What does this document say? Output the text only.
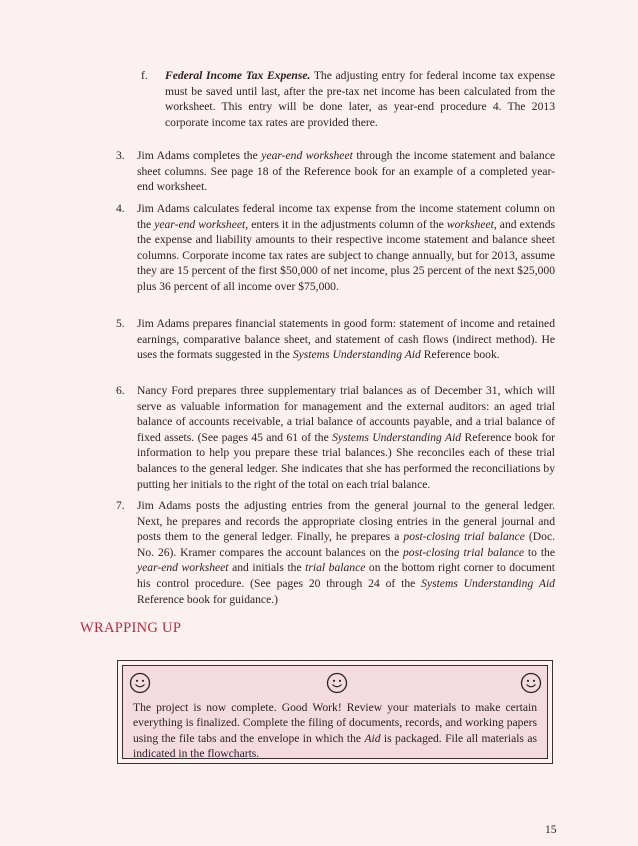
f. Federal Income Tax Expense. The adjusting entry for federal income tax expense must be saved until last, after the pre-tax net income has been calculated from the worksheet. This entry will be done later, as year-end procedure 4. The 2013 corporate income tax rates are provided there.
3. Jim Adams completes the year-end worksheet through the income statement and balance sheet columns. See page 18 of the Reference book for an example of a completed year-end worksheet.
4. Jim Adams calculates federal income tax expense from the income statement column on the year-end worksheet, enters it in the adjustments column of the worksheet, and extends the expense and liability amounts to their respective income statement and balance sheet columns. Corporate income tax rates are subject to change annually, but for 2013, assume they are 15 percent of the first $50,000 of net income, plus 25 percent of the next $25,000 plus 36 percent of all income over $75,000.
5. Jim Adams prepares financial statements in good form: statement of income and retained earnings, comparative balance sheet, and statement of cash flows (indirect method). He uses the formats suggested in the Systems Understanding Aid Reference book.
6. Nancy Ford prepares three supplementary trial balances as of December 31, which will serve as valuable information for management and the external auditors: an aged trial balance of accounts receivable, a trial balance of accounts payable, and a trial balance of fixed assets. (See pages 45 and 61 of the Systems Understanding Aid Reference book for information to help you prepare these trial balances.) She reconciles each of these trial balances to the general ledger. She indicates that she has performed the reconciliations by putting her initials to the right of the total on each trial balance.
7. Jim Adams posts the adjusting entries from the general journal to the general ledger. Next, he prepares and records the appropriate closing entries in the general journal and posts them to the general ledger. Finally, he prepares a post-closing trial balance (Doc. No. 26). Kramer compares the account balances on the post-closing trial balance to the year-end worksheet and initials the trial balance on the bottom right corner to document his control procedure. (See pages 20 through 24 of the Systems Understanding Aid Reference book for guidance.)
WRAPPING UP
The project is now complete. Good Work! Review your materials to make certain everything is finalized. Complete the filing of documents, records, and working papers using the file tabs and the envelope in which the Aid is packaged. File all materials as indicated in the flowcharts.
15
